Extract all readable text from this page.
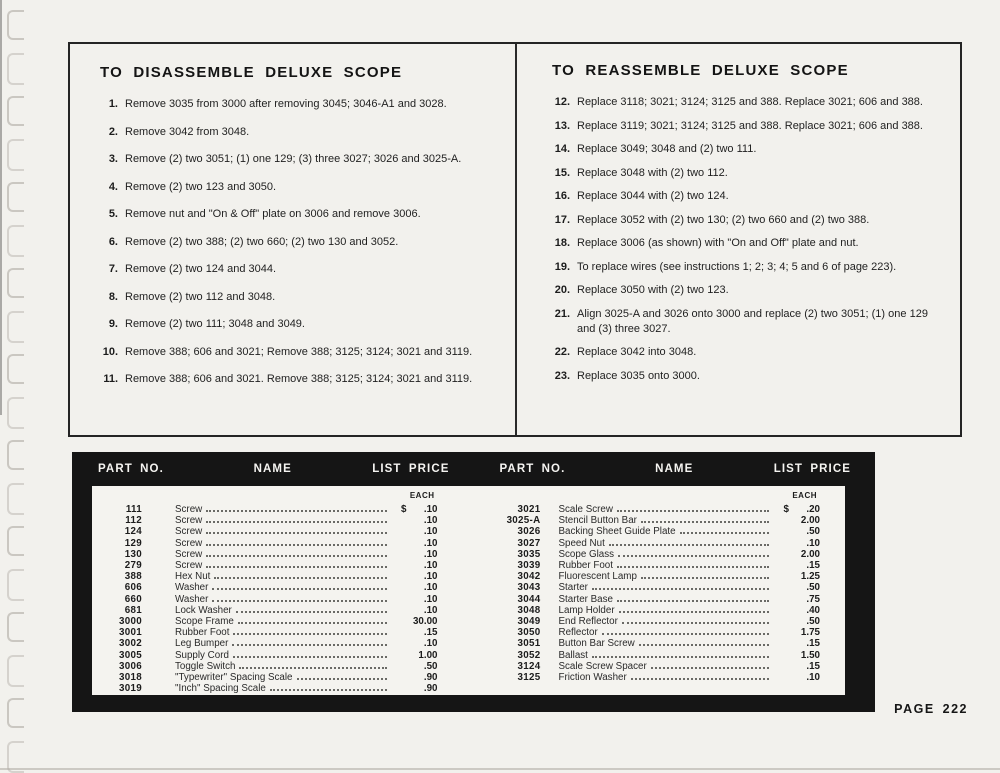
TO DISASSEMBLE DELUXE SCOPE
1. Remove 3035 from 3000 after removing 3045; 3046-A1 and 3028.
2. Remove 3042 from 3048.
3. Remove (2) two 3051; (1) one 129; (3) three 3027; 3026 and 3025-A.
4. Remove (2) two 123 and 3050.
5. Remove nut and "On & Off" plate on 3006 and remove 3006.
6. Remove (2) two 388; (2) two 660; (2) two 130 and 3052.
7. Remove (2) two 124 and 3044.
8. Remove (2) two 112 and 3048.
9. Remove (2) two 111; 3048 and 3049.
10. Remove 388; 606 and 3021; Remove 388; 3125; 3124; 3021 and 3119.
11. Remove 388; 606 and 3021. Remove 388; 3125; 3124; 3021 and 3119.
TO REASSEMBLE DELUXE SCOPE
12. Replace 3118; 3021; 3124; 3125 and 388. Replace 3021; 606 and 388.
13. Replace 3119; 3021; 3124; 3125 and 388. Replace 3021; 606 and 388.
14. Replace 3049; 3048 and (2) two 111.
15. Replace 3048 with (2) two 112.
16. Replace 3044 with (2) two 124.
17. Replace 3052 with (2) two 130; (2) two 660 and (2) two 388.
18. Replace 3006 (as shown) with "On and Off" plate and nut.
19. To replace wires (see instructions 1; 2; 3; 4; 5 and 6 of page 223).
20. Replace 3050 with (2) two 123.
21. Align 3025-A and 3026 onto 3000 and replace (2) two 3051; (1) one 129 and (3) three 3027.
22. Replace 3042 into 3048.
23. Replace 3035 onto 3000.
PART NO.	NAME	LIST PRICE	PART NO.	NAME	LIST PRICE
EACH
111	Screw	$	.10
112	Screw	.10
124	Screw	.10
129	Screw	.10
130	Screw	.10
279	Screw	.10
388	Hex Nut	.10
606	Washer	.10
660	Washer	.10
681	Lock Washer	.10
3000	Scope Frame	30.00
3001	Rubber Foot	.15
3002	Leg Bumper	.10
3005	Supply Cord	1.00
3006	Toggle Switch	.50
3018	"Typewriter" Spacing Scale	.90
3019	"Inch" Spacing Scale	.90
EACH
3021 Scale Screw	$	.20
3025-A Stencil Button Bar	2.00
3026 Backing Sheet Guide Plate	.50
3027 Speed Nut	.10
3035 Scope Glass	2.00
3039 Rubber Foot	.15
3042 Fluorescent Lamp	1.25
3043 Starter	.50
3044 Starter Base	.75
3048 Lamp Holder	.40
3049 End Reflector	.50
3050 Reflector	1.75
3051 Button Bar Screw	.15
3052 Ballast	1.50
3124 Scale Screw Spacer	.15
3125 Friction Washer	.10
PAGE 222
